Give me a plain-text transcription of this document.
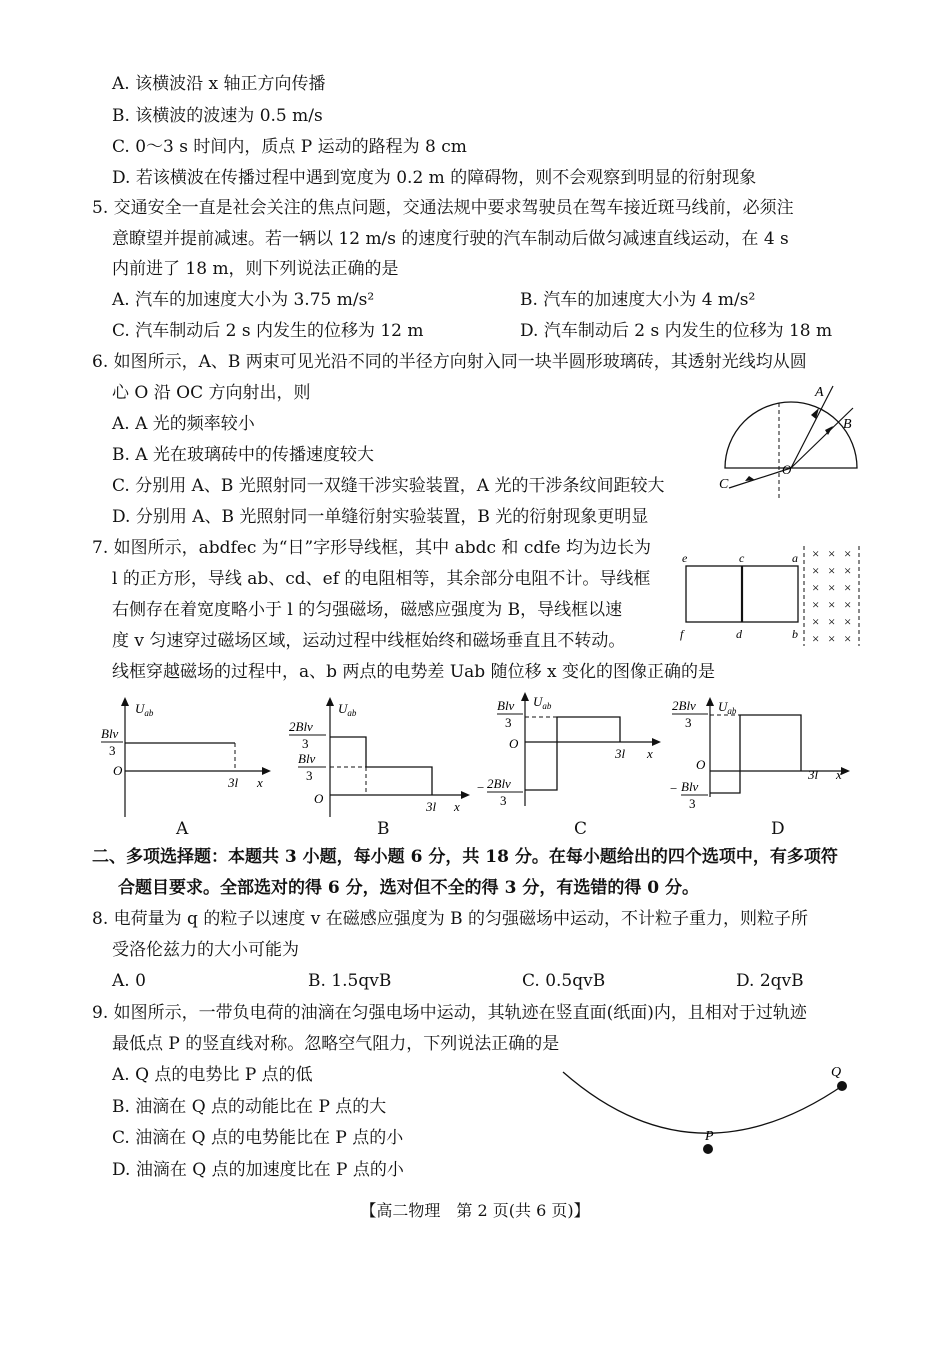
A. 该横波沿 x 轴正方向传播
B. 该横波的波速为 0.5 m/s
C. 0～3 s 时间内，质点 P 运动的路程为 8 cm
D. 若该横波在传播过程中遇到宽度为 0.2 m 的障碍物，则不会观察到明显的衍射现象
5. 交通安全一直是社会关注的焦点问题，交通法规中要求驾驶员在驾车接近斑马线前，必须注
意瞭望并提前减速。若一辆以 12 m/s 的速度行驶的汽车制动后做匀减速直线运动，在 4 s
内前进了 18 m，则下列说法正确的是
A. 汽车的加速度大小为 3.75 m/s²	B. 汽车的加速度大小为 4 m/s²
C. 汽车制动后 2 s 内发生的位移为 12 m	D. 汽车制动后 2 s 内发生的位移为 18 m
6. 如图所示，A、B 两束可见光沿不同的半径方向射入同一块半圆形玻璃砖，其透射光线均从圆
心 O 沿 OC 方向射出，则
A. A 光的频率较小
B. A 光在玻璃砖中的传播速度较大
C. 分别用 A、B 光照射同一双缝干涉实验装置，A 光的干涉条纹间距较大
D. 分别用 A、B 光照射同一单缝衍射实验装置，B 光的衍射现象更明显
A
B
C
O
7. 如图所示，abdfec 为“日”字形导线框，其中 abdc 和 cdfe 均为边长为
l 的正方形，导线 ab、cd、ef 的电阻相等，其余部分电阻不计。导线框
右侧存在着宽度略小于 l 的匀强磁场，磁感应强度为 B，导线框以速
度 v 匀速穿过磁场区域，运动过程中线框始终和磁场垂直且不转动。
线框穿越磁场的过程中，a、b 两点的电势差 Uab 随位移 x 变化的图像正确的是
× × ×
× × ×
× × ×
× × ×
× × ×
× × ×
e	c	a
f	d	b
$U_{ab}$
Blv
3
O
3l x
A
$U_{ab}$
2Blv
3
Blv
3
O
3l x
B
$U_{ab}$
Blv
3
O
− 2Blv
3
3l x
C
$U_{ab}$
2Blv
3
O
− Blv
3
3l x
D
二、多项选择题：本题共 3 小题，每小题 6 分，共 18 分。在每小题给出的四个选项中，有多项符
合题目要求。全部选对的得 6 分，选对但不全的得 3 分，有选错的得 0 分。
8. 电荷量为 q 的粒子以速度 v 在磁感应强度为 B 的匀强磁场中运动，不计粒子重力，则粒子所
受洛伦兹力的大小可能为
A. 0	B. 1.5qvB	C. 0.5qvB	D. 2qvB
9. 如图所示，一带负电荷的油滴在匀强电场中运动，其轨迹在竖直面(纸面)内，且相对于过轨迹
最低点 P 的竖直线对称。忽略空气阻力，下列说法正确的是
A. Q 点的电势比 P 点的低
B. 油滴在 Q 点的动能比在 P 点的大
C. 油滴在 Q 点的电势能比在 P 点的小
D. 油滴在 Q 点的加速度比在 P 点的小
P
Q
【高二物理　第 2 页(共 6 页)】
